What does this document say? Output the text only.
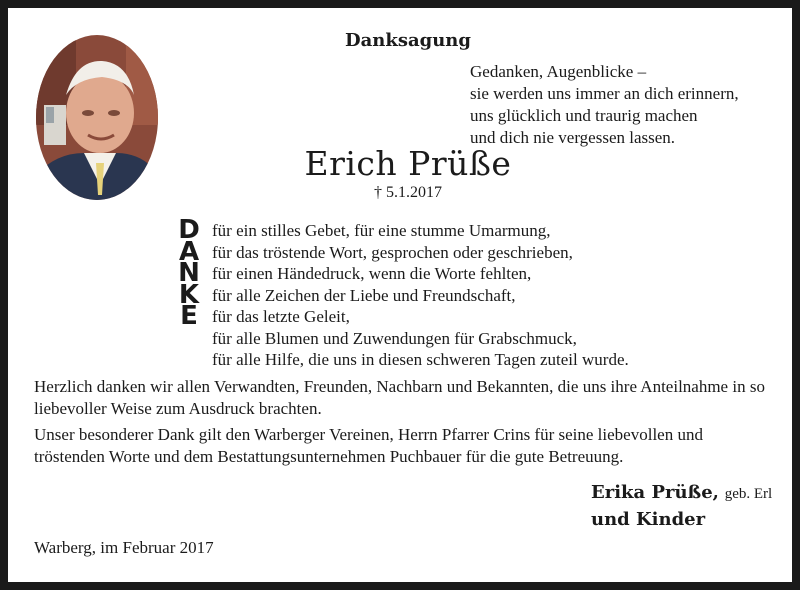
Danksagung
Gedanken, Augenblicke –
sie werden uns immer an dich erinnern,
uns glücklich und traurig machen
und dich nie vergessen lassen.
Erich Prüße
† 5.1.2017
D
A
N
K
E
für ein stilles Gebet, für eine stumme Umarmung,
für das tröstende Wort, gesprochen oder geschrieben,
für einen Händedruck, wenn die Worte fehlten,
für alle Zeichen der Liebe und Freundschaft,
für das letzte Geleit,
für alle Blumen und Zuwendungen für Grabschmuck,
für alle Hilfe, die uns in diesen schweren Tagen zuteil wurde.
Herzlich danken wir allen Verwandten, Freunden, Nachbarn und Bekannten, die uns ihre Anteilnahme in so liebevoller Weise zum Ausdruck brachten.
Unser besonderer Dank gilt den Warberger Vereinen, Herrn Pfarrer Crins für seine liebevollen und tröstenden Worte und dem Bestattungsunternehmen Puchbauer für die gute Betreuung.
Erika Prüße, geb. Erl
und Kinder
Warberg, im Februar 2017
